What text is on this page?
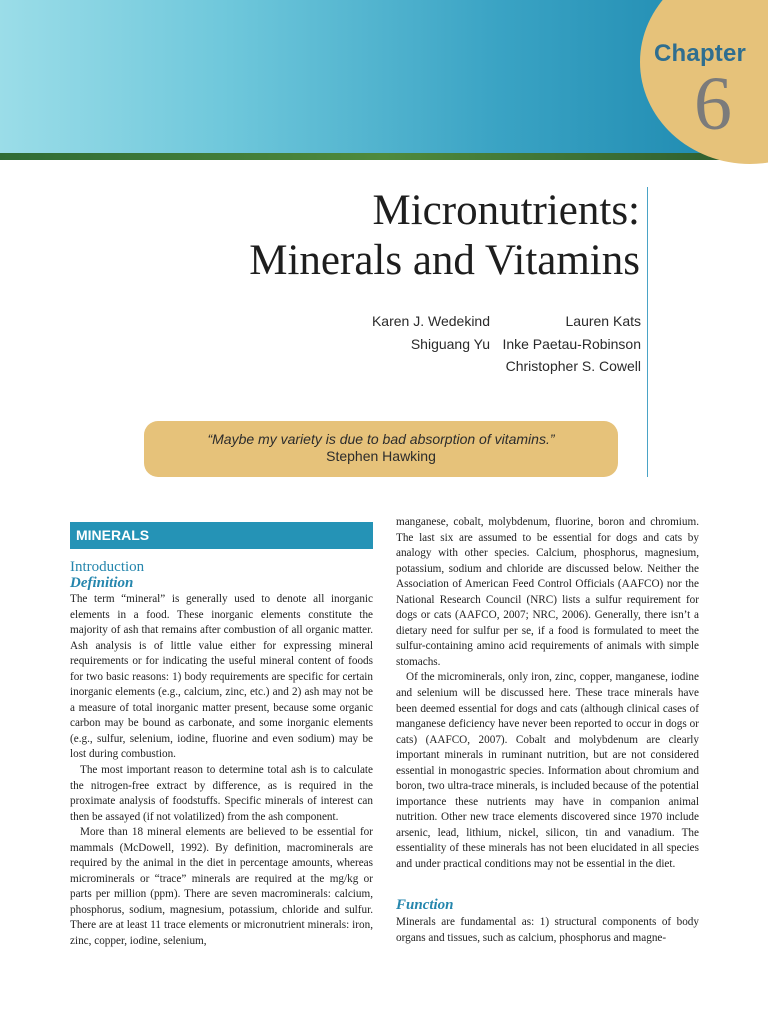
Chapter
6
Micronutrients:
Minerals and Vitamins
Karen J. Wedekind
Shiguang Yu
Lauren Kats
Inke Paetau-Robinson
Christopher S. Cowell
“Maybe my variety is due to bad absorption of vitamins.”
Stephen Hawking
MINERALS
Introduction
Definition

The term “mineral” is generally used to denote all inorganic elements in a food. These inorganic elements constitute the majority of ash that remains after combustion of all organic matter. Ash analysis is of little value either for expressing mineral requirements or for indicating the useful mineral content of foods for two basic reasons: 1) body requirements are specific for certain inorganic elements (e.g., calcium, zinc, etc.) and 2) ash may not be a measure of total inorganic matter present, because some organic carbon may be bound as carbonate, and some inorganic elements (e.g., sulfur, selenium, iodine, fluorine and even sodium) may be lost during combustion.

The most important reason to determine total ash is to calculate the nitrogen-free extract by difference, as is required in the proximate analysis of foodstuffs. Specific minerals of interest can then be assayed (if not volatilized) from the ash component.

More than 18 mineral elements are believed to be essential for mammals (McDowell, 1992). By definition, macrominerals are required by the animal in the diet in percentage amounts, whereas microminerals or “trace” minerals are required at the mg/kg or parts per million (ppm). There are seven macrominerals: calcium, phosphorus, sodium, magnesium, potassium, chloride and sulfur. There are at least 11 trace elements or micronutrient minerals: iron, zinc, copper, iodine, selenium,

manganese, cobalt, molybdenum, fluorine, boron and chromium. The last six are assumed to be essential for dogs and cats by analogy with other species. Calcium, phosphorus, magnesium, potassium, sodium and chloride are discussed below. Neither the Association of American Feed Control Officials (AAFCO) nor the National Research Council (NRC) lists a sulfur requirement for dogs or cats (AAFCO, 2007; NRC, 2006). Generally, there isn’t a dietary need for sulfur per se, if a food is formulated to meet the sulfur-containing amino acid requirements of animals with simple stomachs.

Of the microminerals, only iron, zinc, copper, manganese, iodine and selenium will be discussed here. These trace minerals have been deemed essential for dogs and cats (although clinical cases of manganese deficiency have never been reported to occur in dogs or cats) (AAFCO, 2007). Cobalt and molybdenum are clearly important minerals in ruminant nutrition, but are not considered essential in monogastric species. Information about chromium and boron, two ultra-trace minerals, is included because of the potential importance these nutrients may have in companion animal nutrition. Other new trace elements discovered since 1970 include arsenic, lead, lithium, nickel, silicon, tin and vanadium. The essentiality of these minerals has not been elucidated in all species and under practical conditions may not be essential in the diet.

Function

Minerals are fundamental as: 1) structural components of body organs and tissues, such as calcium, phosphorus and magne-
